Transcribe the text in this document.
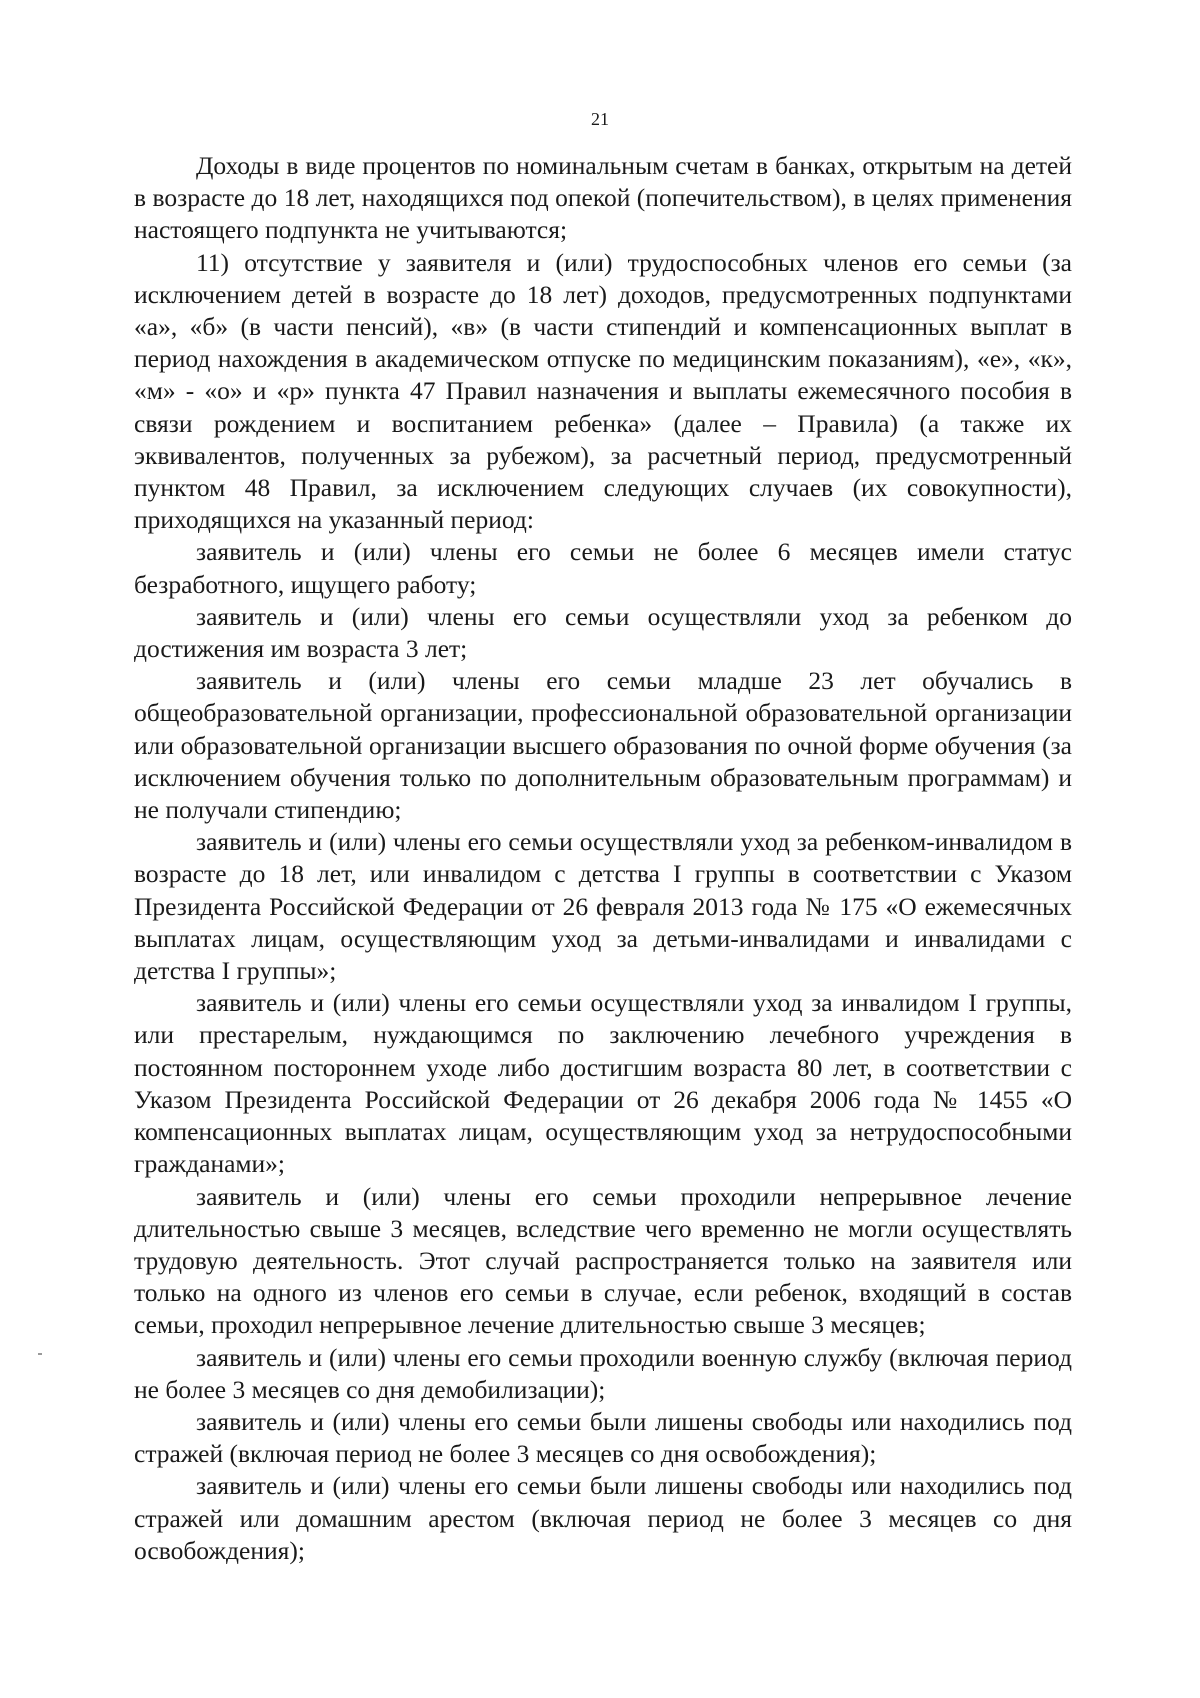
21

Доходы в виде процентов по номинальным счетам в банках, открытым на детей в возрасте до 18 лет, находящихся под опекой (попечительством), в целях применения настоящего подпункта не учитываются;

11) отсутствие у заявителя и (или) трудоспособных членов его семьи (за исключением детей в возрасте до 18 лет) доходов, предусмотренных подпунктами «а», «б» (в части пенсий), «в» (в части стипендий и компенсационных выплат в период нахождения в академическом отпуске по медицинским показаниям), «е», «к», «м» - «о» и «р» пункта 47 Правил назначения и выплаты ежемесячного пособия в связи рождением и воспитанием ребенка» (далее – Правила) (а также их эквивалентов, полученных за рубежом), за расчетный период, предусмотренный пунктом 48 Правил, за исключением следующих случаев (их совокупности), приходящихся на указанный период:

заявитель и (или) члены его семьи не более 6 месяцев имели статус безработного, ищущего работу;

заявитель и (или) члены его семьи осуществляли уход за ребенком до достижения им возраста 3 лет;

заявитель и (или) члены его семьи младше 23 лет обучались в общеобразовательной организации, профессиональной образовательной организации или образовательной организации высшего образования по очной форме обучения (за исключением обучения только по дополнительным образовательным программам) и не получали стипендию;

заявитель и (или) члены его семьи осуществляли уход за ребенком-инвалидом в возрасте до 18 лет, или инвалидом с детства I группы в соответствии с Указом Президента Российской Федерации от 26 февраля 2013 года № 175 «О ежемесячных выплатах лицам, осуществляющим уход за детьми-инвалидами и инвалидами с детства I группы»;

заявитель и (или) члены его семьи осуществляли уход за инвалидом I группы, или престарелым, нуждающимся по заключению лечебного учреждения в постоянном постороннем уходе либо достигшим возраста 80 лет, в соответствии с Указом Президента Российской Федерации от 26 декабря 2006 года № 1455 «О компенсационных выплатах лицам, осуществляющим уход за нетрудоспособными гражданами»;

заявитель и (или) члены его семьи проходили непрерывное лечение длительностью свыше 3 месяцев, вследствие чего временно не могли осуществлять трудовую деятельность. Этот случай распространяется только на заявителя или только на одного из членов его семьи в случае, если ребенок, входящий в состав семьи, проходил непрерывное лечение длительностью свыше 3 месяцев;

заявитель и (или) члены его семьи проходили военную службу (включая период не более 3 месяцев со дня демобилизации);

заявитель и (или) члены его семьи были лишены свободы или находились под стражей (включая период не более 3 месяцев со дня освобождения);

заявитель и (или) члены его семьи были лишены свободы или находились под стражей или домашним арестом (включая период не более 3 месяцев со дня освобождения);
